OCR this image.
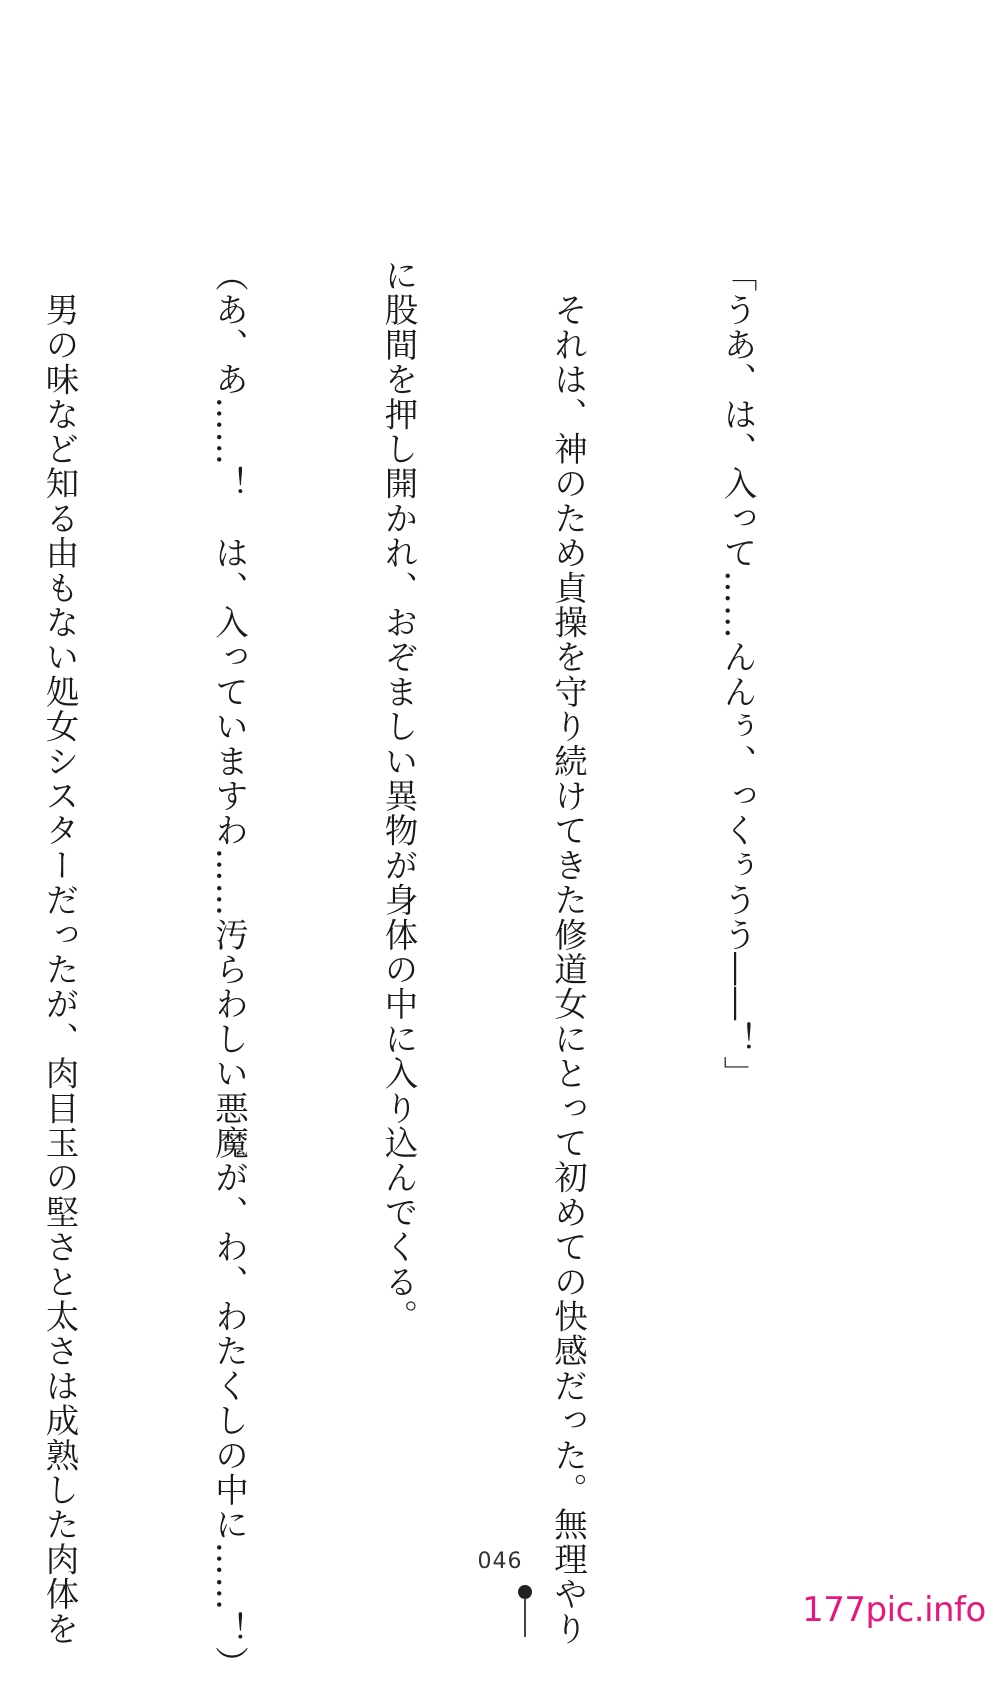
「うあ、は、入って……んんぅ、っくぅうう――！」

　それは、神のため貞操を守り続けてきた修道女にとって初めての快感だった。無理やり

に股間を押し開かれ、おぞましい異物が身体の中に入り込んでくる。

（あ、あ……！　は、入っていますわ……汚らわしい悪魔が、わ、わたくしの中に……！）

　男の味など知る由もない処女シスターだったが、肉目玉の堅さと太さは成熟した肉体を

	046
177pic.info
